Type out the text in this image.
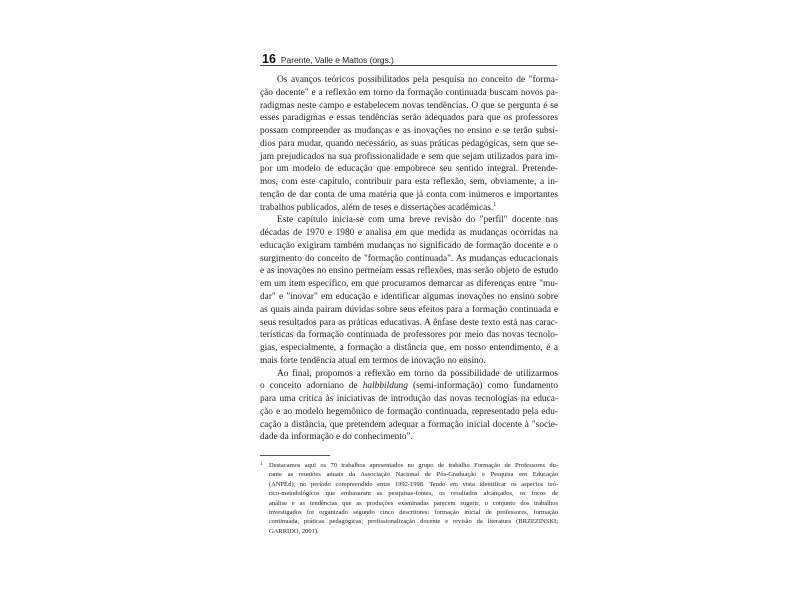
16 Parente, Valle e Mattos (orgs.)
Os avanços teóricos possibilitados pela pesquisa no conceito de "forma-
ção docente" e a reflexão em torno da formação continuada buscam novos pa-
radigmas neste campo e estabelecem novas tendências. O que se pergunta é se
esses paradigmas e essas tendências serão adequados para que os professores
possam compreender as mudanças e as inovações no ensino e se terão subsí-
dios para mudar, quando necessário, as suas práticas pedagógicas, sem que se-
jam prejudicados na sua profissionalidade e sem que sejam utilizados para im-
por um modelo de educação que empobrece seu sentido integral. Pretende-
mos, com este capítulo, contribuir para esta reflexão, sem, obviamente, a in-
tenção de dar conta de uma matéria que já conta com inúmeros e importantes
trabalhos publicados, além de teses e dissertações acadêmicas.$^1$
Este capítulo inicia-se com uma breve revisão do "perfil" docente nas
décadas de 1970 e 1980 e analisa em que medida as mudanças ocorridas na
educação exigiram também mudanças no significado de formação docente e o
surgimento do conceito de "formação continuada". As mudanças educacionais
e as inovações no ensino permeiam essas reflexões, mas serão objeto de estudo
em um item específico, em que procuramos demarcar as diferenças entre "mu-
dar" e "inovar" em educação e identificar algumas inovações no ensino sobre
as quais ainda pairam dúvidas sobre seus efeitos para a formação continuada e
seus resultados para as práticas educativas. A ênfase deste texto está nas carac-
terísticas da formação continuada de professores por meio das novas tecnolo-
gias, especialmente, a formação a distância que, em nosso entendimento, é a
mais forte tendência atual em termos de inovação no ensino.
Ao final, propomos a reflexão em torno da possibilidade de utilizarmos
o conceito adorniano de halbbildung (semi-informação) como fundamento
para uma crítica às iniciativas de introdução das novas tecnologias na educa-
ção e ao modelo hegemônico de formação continuada, representado pela edu-
cação a distância, que pretendem adequar a formação inicial docente à "socie-
dade da informação e do conhecimento".
1 Destacamos aqui os 70 trabalhos apresentados no grupo de trabalho Formação de Professores du-
rante as reuniões anuais da Associação Nacional de Pós-Graduação e Pesquisa em Educação
(ANPEd), no período compreendido entre 1992-1998. Tendo em vista identificar os aspectos teó-
rico-metodológicos que embasaram as pesquisas-fontes, os resultados alcançados, os focos de
análise e as tendências que as produções examinadas parecem sugerir, o conjunto dos trabalhos
investigados foi organizado segundo cinco descritores: formação inicial de professores, formação
continuada, práticas pedagógicas, profissionalização docente e revisão da literatura (BRZEZINSKI;
GARRIDO, 2001).
